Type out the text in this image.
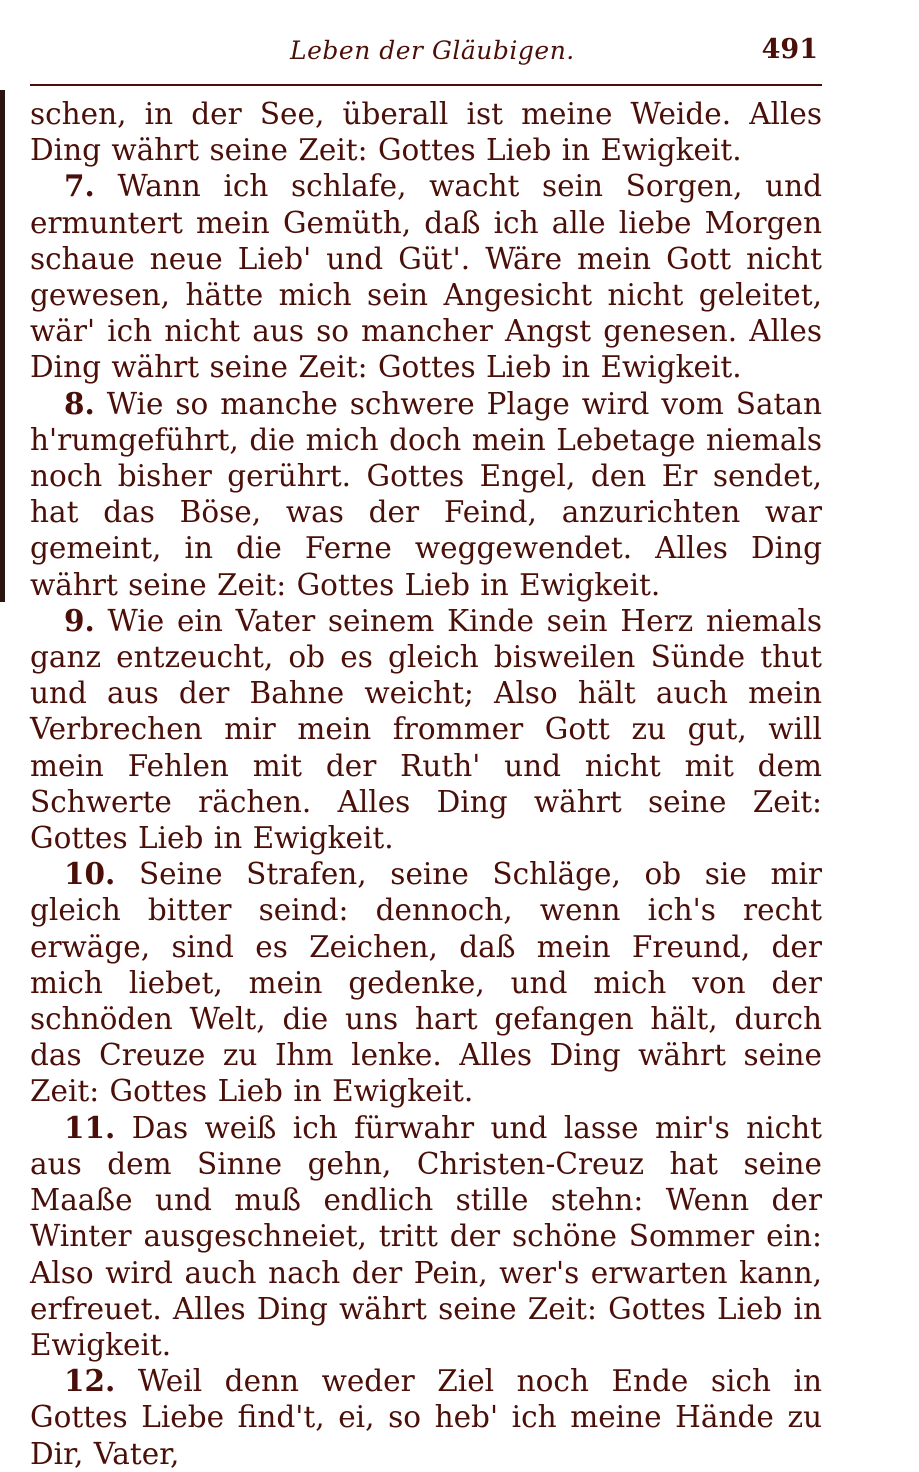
Leben der Gläubigen.	491

schen, in der See, überall ist meine Weide. Alles Ding währt seine Zeit: Gottes Lieb in Ewigkeit.

7. Wann ich schlafe, wacht sein Sorgen, und ermuntert mein Gemüth, daß ich alle liebe Morgen schaue neue Lieb' und Güt'. Wäre mein Gott nicht gewesen, hätte mich sein Angesicht nicht geleitet, wär' ich nicht aus so mancher Angst genesen. Alles Ding währt seine Zeit: Gottes Lieb in Ewigkeit.

8. Wie so manche schwere Plage wird vom Satan h'rumgeführt, die mich doch mein Lebetage niemals noch bisher gerührt. Gottes Engel, den Er sendet, hat das Böse, was der Feind, anzurichten war gemeint, in die Ferne weggewendet. Alles Ding währt seine Zeit: Gottes Lieb in Ewigkeit.

9. Wie ein Vater seinem Kinde sein Herz niemals ganz entzeucht, ob es gleich bisweilen Sünde thut und aus der Bahne weicht; Also hält auch mein Verbrechen mir mein frommer Gott zu gut, will mein Fehlen mit der Ruth' und nicht mit dem Schwerte rächen. Alles Ding währt seine Zeit: Gottes Lieb in Ewigkeit.

10. Seine Strafen, seine Schläge, ob sie mir gleich bitter seind: dennoch, wenn ich's recht erwäge, sind es Zeichen, daß mein Freund, der mich liebet, mein gedenke, und mich von der schnöden Welt, die uns hart gefangen hält, durch das Creuze zu Ihm lenke. Alles Ding währt seine Zeit: Gottes Lieb in Ewigkeit.

11. Das weiß ich fürwahr und lasse mir's nicht aus dem Sinne gehn, Christen-Creuz hat seine Maaße und muß endlich stille stehn: Wenn der Winter ausgeschneiet, tritt der schöne Sommer ein: Also wird auch nach der Pein, wer's erwarten kann, erfreuet. Alles Ding währt seine Zeit: Gottes Lieb in Ewigkeit.

12. Weil denn weder Ziel noch Ende sich in Gottes Liebe find't, ei, so heb' ich meine Hände zu Dir, Vater,
